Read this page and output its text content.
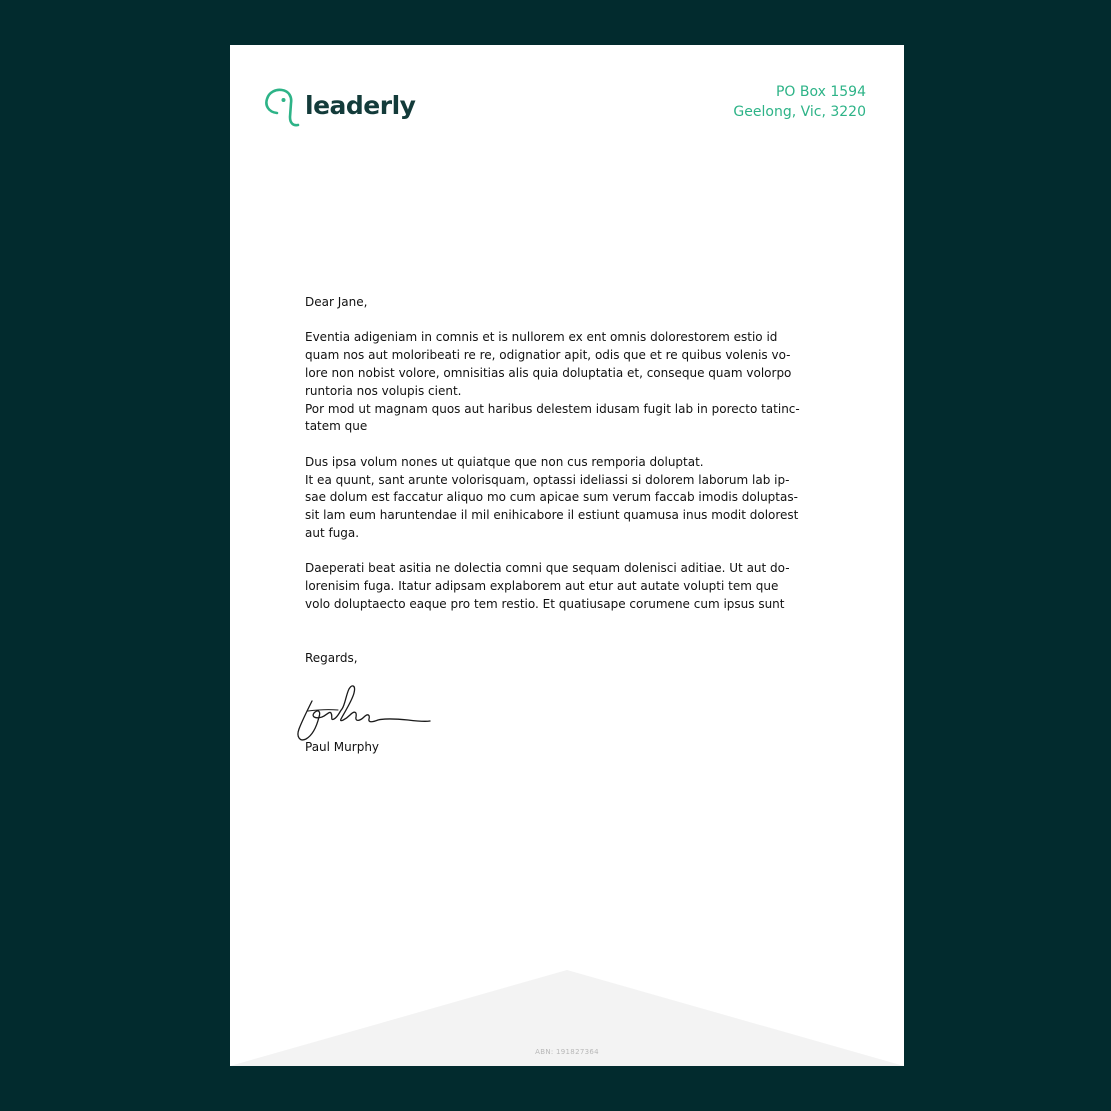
leaderly	PO Box 1594
Geelong, Vic, 3220
Dear Jane,
Eventia adigeniam in comnis et is nullorem ex ent omnis dolorestorem estio id
quam nos aut moloribeati re re, odignatior apit, odis que et re quibus volenis vo-
lore non nobist volore, omnisitias alis quia doluptatia et, conseque quam volorpo
runtoria nos volupis cient.
Por mod ut magnam quos aut haribus delestem idusam fugit lab in porecto tatinc-
tatem que
Dus ipsa volum nones ut quiatque que non cus remporia doluptat.
It ea quunt, sant arunte volorisquam, optassi ideliassi si dolorem laborum lab ip-
sae dolum est faccatur aliquo mo cum apicae sum verum faccab imodis doluptas-
sit lam eum haruntendae il mil enihicabore il estiunt quamusa inus modit dolorest
aut fuga.
Daeperati beat asitia ne dolectia comni que sequam dolenisci aditiae. Ut aut do-
lorenisim fuga. Itatur adipsam explaborem aut etur aut autate volupti tem que
volo doluptaecto eaque pro tem restio. Et quatiusape corumene cum ipsus sunt
Regards,
Paul Murphy
ABN: 191827364
